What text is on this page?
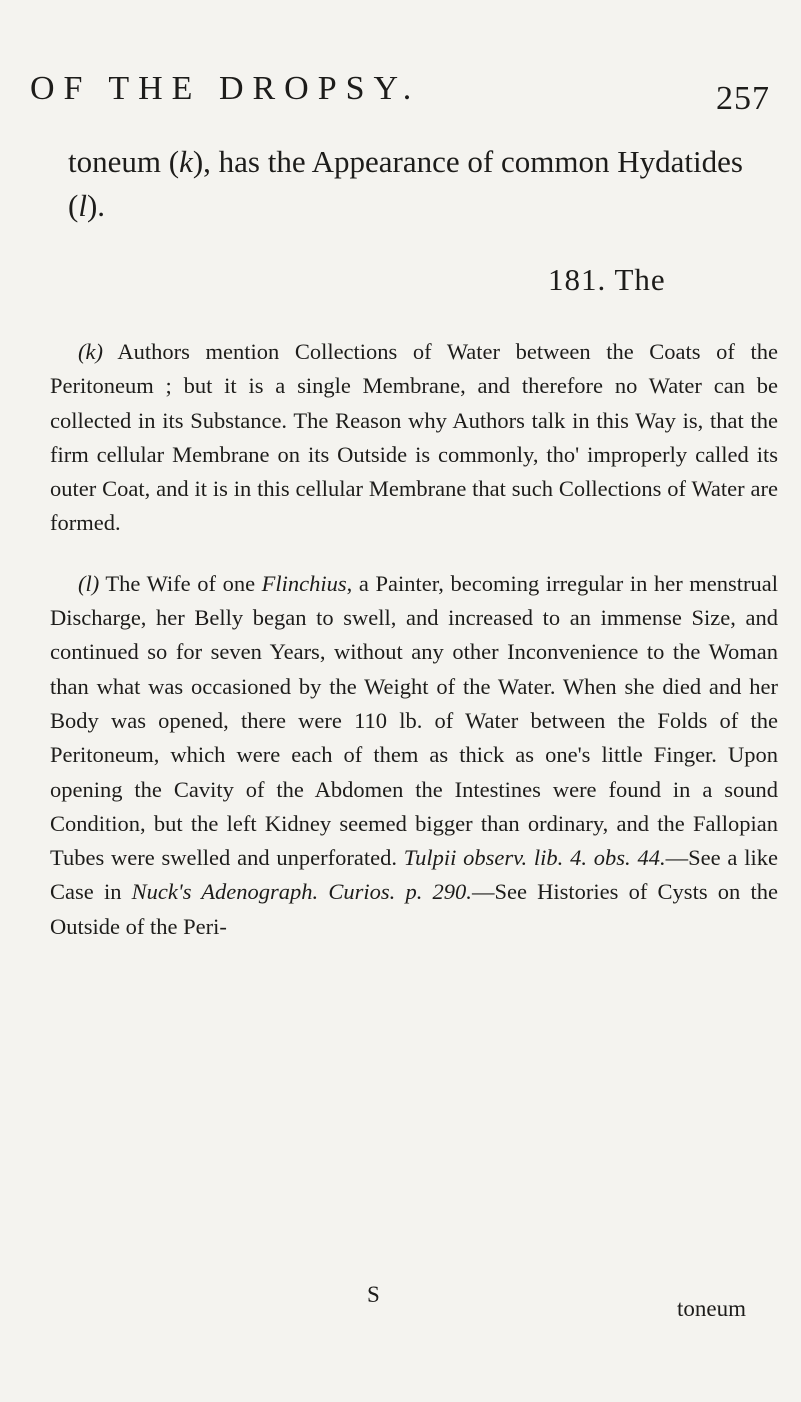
OF THE DROPSY.	257
toneum (k), has the Appearance of common Hydatides (l).
181. The

(k) Authors mention Collections of Water between the Coats of the Peritoneum ; but it is a single Membrane, and therefore no Water can be collected in its Substance. The Reason why Authors talk in this Way is, that the firm cellular Membrane on its Outside is commonly, tho' improperly called its outer Coat, and it is in this cellular Membrane that such Collections of Water are formed.

(l) The Wife of one Flinchius, a Painter, becoming irregular in her menstrual Discharge, her Belly began to swell, and increased to an immense Size, and continued so for seven Years, without any other Inconvenience to the Woman than what was occasioned by the Weight of the Water. When she died and her Body was opened, there were 110 lb. of Water between the Folds of the Peritoneum, which were each of them as thick as one's little Finger. Upon opening the Cavity of the Abdomen the Intestines were found in a sound Condition, but the left Kidney seemed bigger than ordinary, and the Fallopian Tubes were swelled and unperforated. Tulpii observ. lib. 4. obs. 44.—See a like Case in Nuck's Adenograph. Curios. p. 290.—See Histories of Cysts on the Outside of the Peri-

S
toneum
